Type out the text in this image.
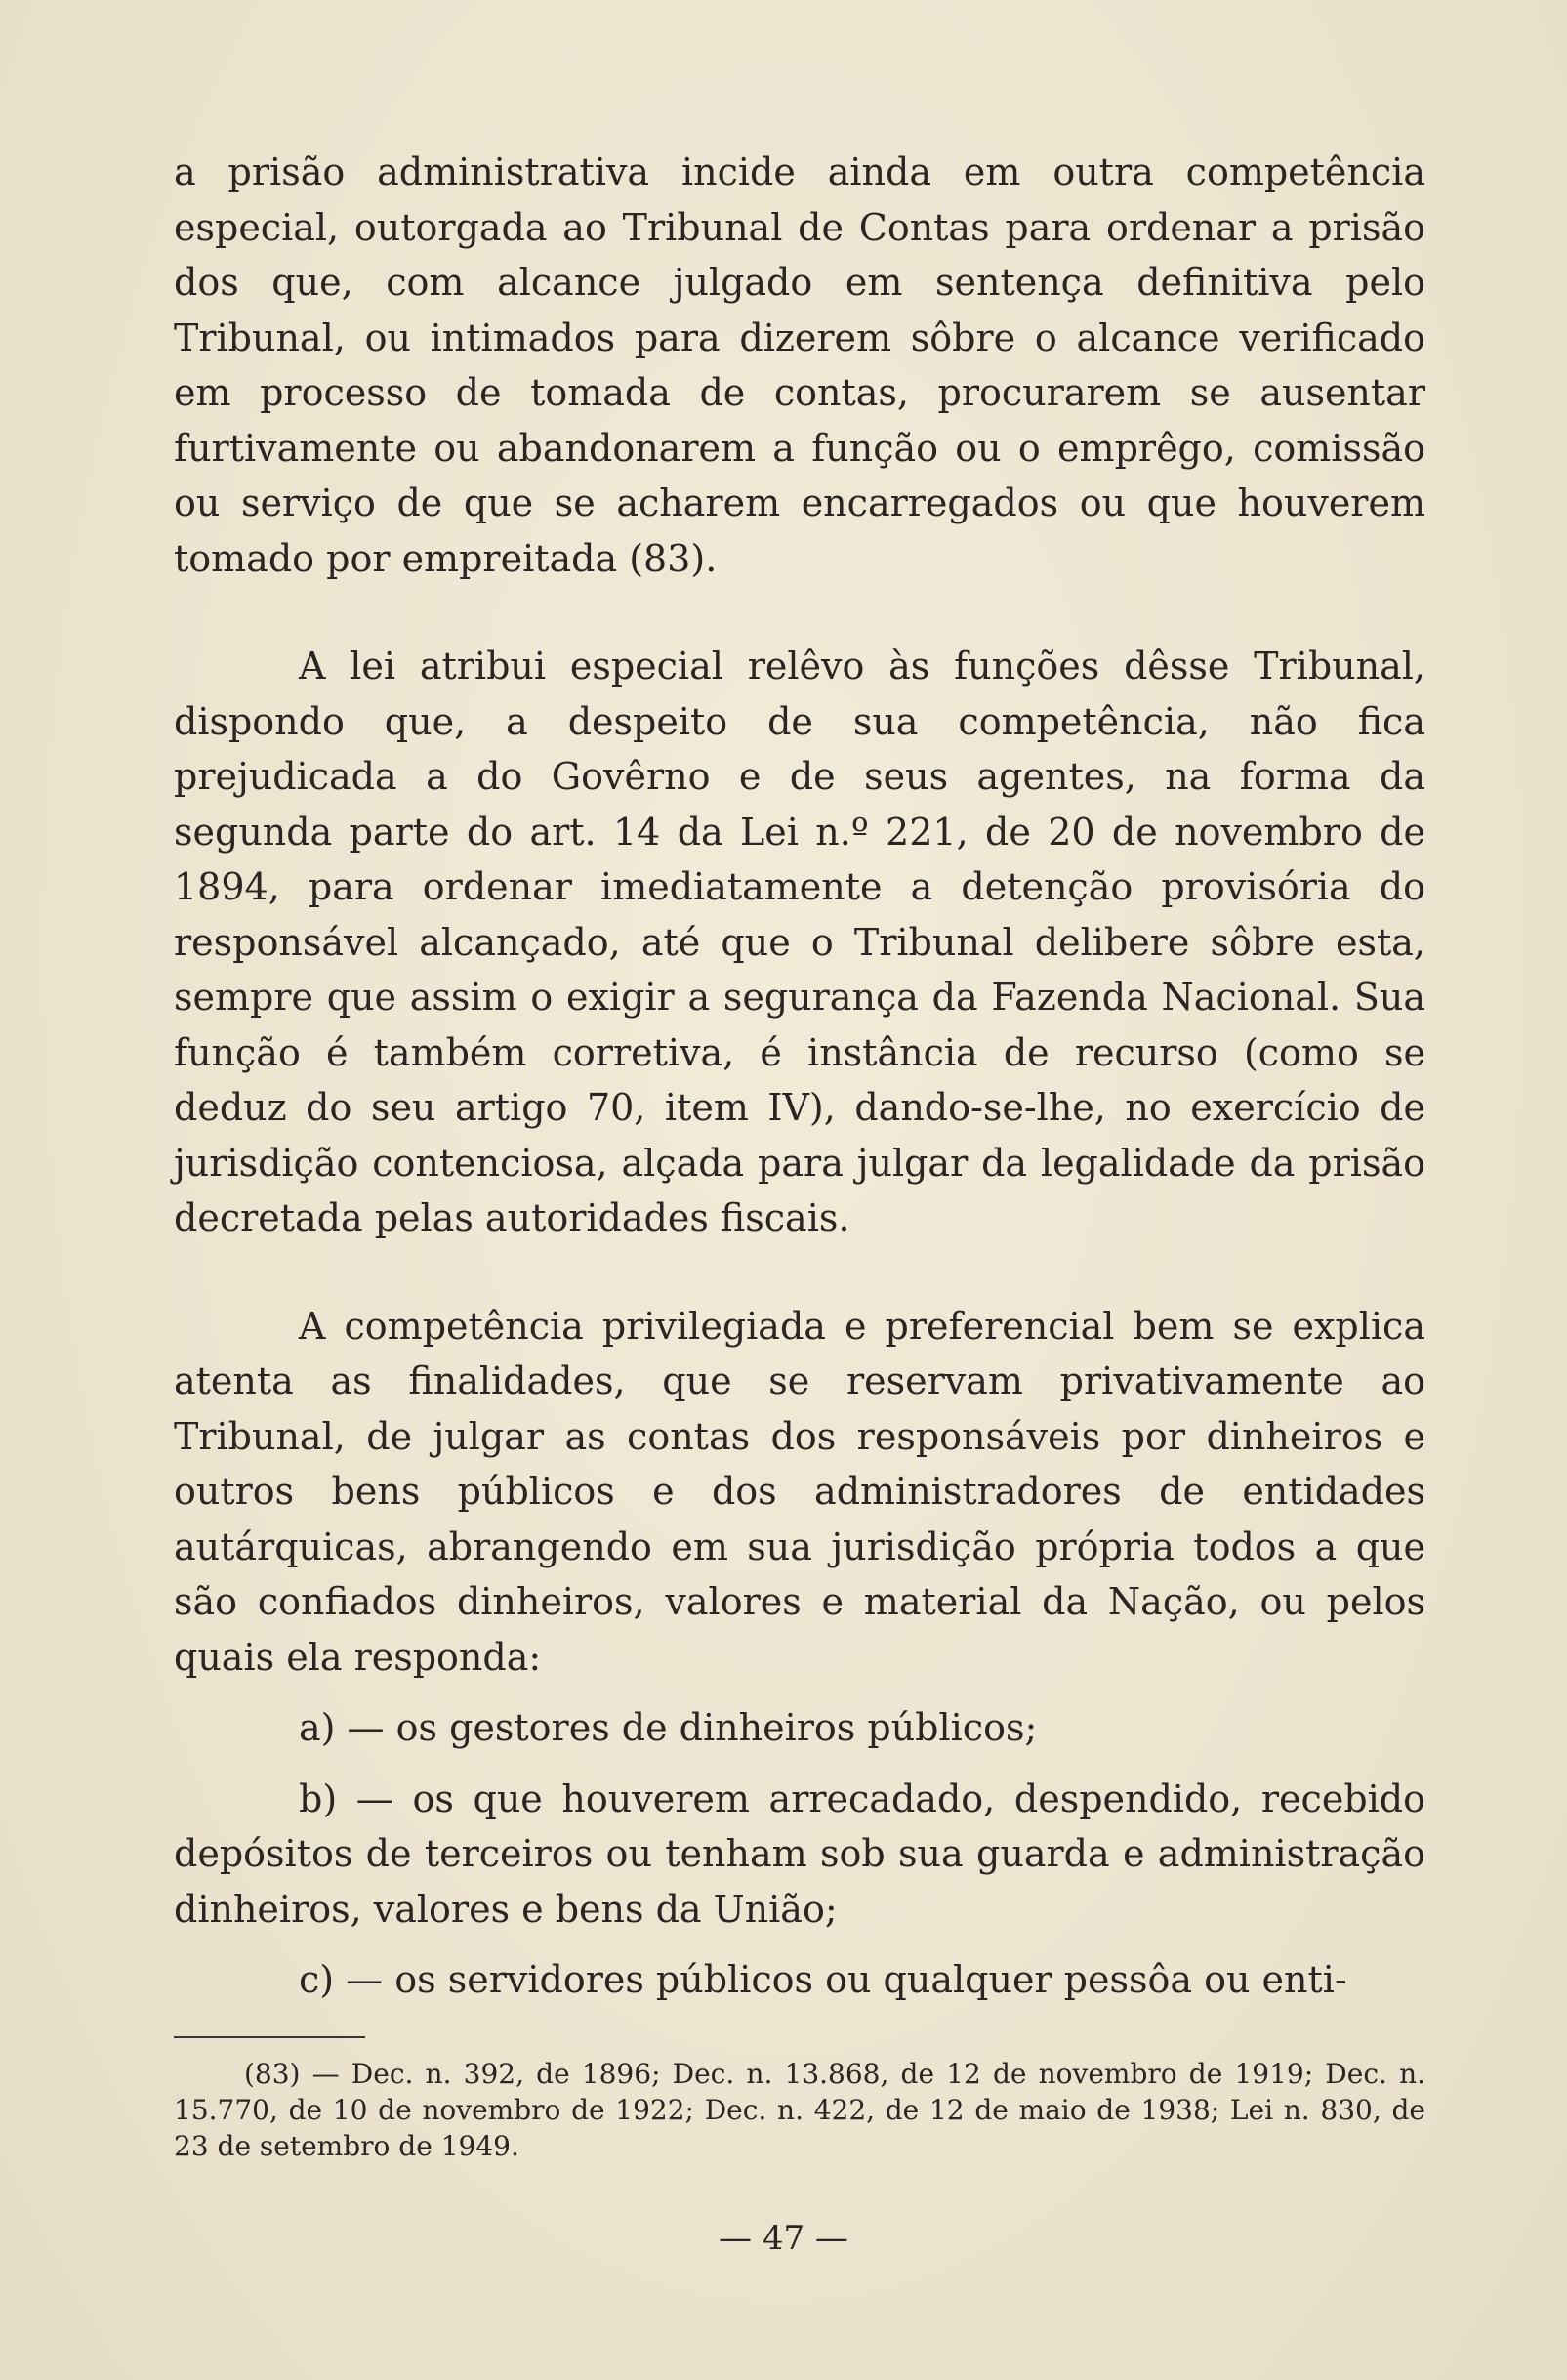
a prisão administrativa incide ainda em outra competência especial, outorgada ao Tribunal de Contas para ordenar a prisão dos que, com alcance julgado em sentença definitiva pelo Tribunal, ou intimados para dizerem sôbre o alcance verificado em processo de tomada de contas, procurarem se ausentar furtivamente ou abandonarem a função ou o emprêgo, comissão ou serviço de que se acharem encarregados ou que houverem tomado por empreitada (83).

A lei atribui especial relêvo às funções dêsse Tribunal, dispondo que, a despeito de sua competência, não fica prejudicada a do Govêrno e de seus agentes, na forma da segunda parte do art. 14 da Lei n.º 221, de 20 de novembro de 1894, para ordenar imediatamente a detenção provisória do responsável alcançado, até que o Tribunal delibere sôbre esta, sempre que assim o exigir a segurança da Fazenda Nacional. Sua função é também corretiva, é instância de recurso (como se deduz do seu artigo 70, item IV), dando-se-lhe, no exercício de jurisdição contenciosa, alçada para julgar da legalidade da prisão decretada pelas autoridades fiscais.

A competência privilegiada e preferencial bem se explica atenta as finalidades, que se reservam privativamente ao Tribunal, de julgar as contas dos responsáveis por dinheiros e outros bens públicos e dos administradores de entidades autárquicas, abrangendo em sua jurisdição própria todos a que são confiados dinheiros, valores e material da Nação, ou pelos quais ela responda:

a) — os gestores de dinheiros públicos;

b) — os que houverem arrecadado, despendido, recebido depósitos de terceiros ou tenham sob sua guarda e administração dinheiros, valores e bens da União;

c) — os servidores públicos ou qualquer pessôa ou enti-

(83) — Dec. n. 392, de 1896; Dec. n. 13.868, de 12 de novembro de 1919; Dec. n. 15.770, de 10 de novembro de 1922; Dec. n. 422, de 12 de maio de 1938; Lei n. 830, de 23 de setembro de 1949.

— 47 —
